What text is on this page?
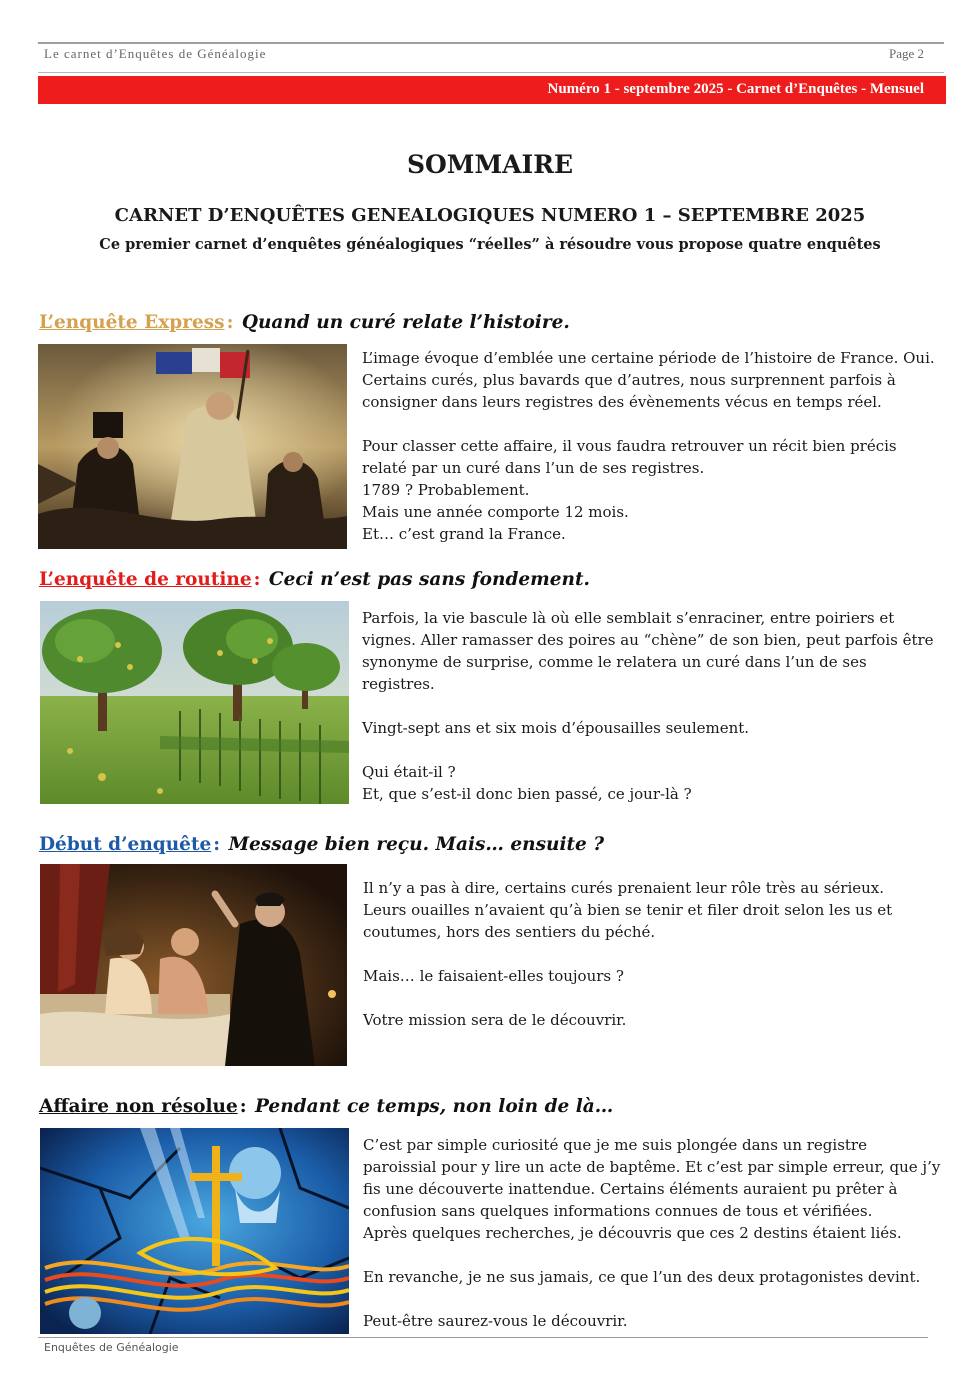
Le carnet d’Enquêtes de Généalogie	Page 2
Numéro 1 - septembre 2025 - Carnet d’Enquêtes - Mensuel
SOMMAIRE
CARNET D’ENQUÊTES GENEALOGIQUES NUMERO 1 – SEPTEMBRE 2025
Ce premier carnet d’enquêtes généalogiques “réelles” à résoudre vous propose quatre enquêtes
L’enquête Express : Quand un curé relate l’histoire.

L’image évoque d’emblée une certaine période de l’histoire de France. Oui.
Certains curés, plus bavards que d’autres, nous surprennent parfois à consigner dans leurs registres des évènements vécus en temps réel.

Pour classer cette affaire, il vous faudra retrouver un récit bien précis relaté par un curé dans l’un de ses registres.
1789 ? Probablement.
Mais une année comporte 12 mois.
Et… c’est grand la France.

L’enquête de routine : Ceci n’est pas sans fondement.

Parfois, la vie bascule là où elle semblait s’enraciner, entre poiriers et vignes. Aller ramasser des poires au “chène” de son bien, peut parfois être synonyme de surprise, comme le relatera un curé dans l’un de ses registres.

Vingt-sept ans et six mois d’épousailles seulement.

Qui était-il ?
Et, que s’est-il donc bien passé, ce jour-là ?

Début d’enquête : Message bien reçu. Mais… ensuite ?

Il n’y a pas à dire, certains curés prenaient leur rôle très au sérieux.
Leurs ouailles n’avaient qu’à bien se tenir et filer droit selon les us et coutumes, hors des sentiers du péché.

Mais… le faisaient-elles toujours ?

Votre mission sera de le découvrir.

Affaire non résolue : Pendant ce temps, non loin de là…

C’est par simple curiosité que je me suis plongée dans un registre paroissial pour y lire un acte de baptême. Et c’est par simple erreur, que j’y fis une découverte inattendue. Certains éléments auraient pu prêter à confusion sans quelques informations connues de tous et vérifiées.
Après quelques recherches, je découvris que ces 2 destins étaient liés.

En revanche, je ne sus jamais, ce que l’un des deux protagonistes devint.

Peut-être saurez-vous le découvrir.

Enquêtes de Généalogie
